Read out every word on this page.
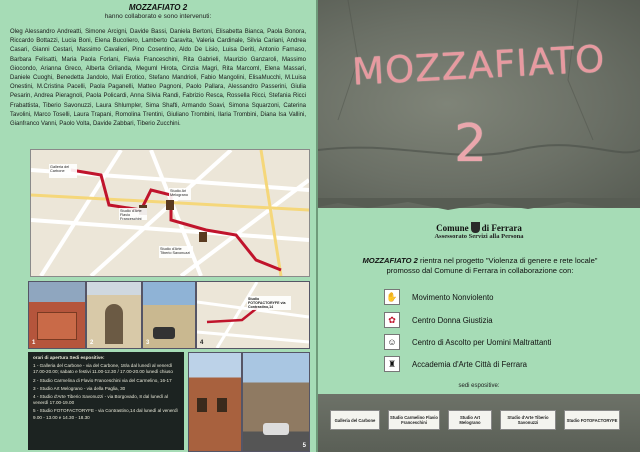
MOZZAFIATO 2
hanno collaborato e sono intervenuti:
Oleg Alessandro Andreatti, Simone Arcigni, Davide Bassi, Daniela Bertoni, Elisabetta Bianca, Paola Bonora, Riccardo Bottazzi, Lucia Boni, Elena Bucoliero, Lamberto Caravita, Valeria Cardinale, Silvia Cariani, Andrea Casari, Gianni Cestari, Massimo Cavalieri, Pino Cosentino, Aldo De Lisio, Luisa Deriti, Antonio Farnaso, Barbara Felisatti, Maria Paola Forlani, Flavia Franceschini, Rita Gabrieli, Maurizio Ganzaroli, Massimo Giocondo, Arianna Greco, Alberta Grilanda, Meguml Hirota, Cinzia Magri, Rita Marcoml, Elena Massari, Daniele Cuoghi, Benedetta Jandolo, Mali Erotico, Stefano Mandrioli, Fabio Mangolini, ElisaMucchi, M.Luisa Onestini, M.Cristina Pacelli, Paola Paganelli, Matteo Pagnoni, Paolo Pallara, Alessandro Passerini, Giulia Pesarin, Andrea Pieragnoli, Paola Policardi, Anna Silvia Randi, Fabrizio Resca, Rossella Ricci, Stefania Ricci Frabattista, Tiberio Savonuzzi, Laura Shlumpler, Sima Shafti, Armando Soavi, Simona Squarzoni, Caterina Tavolini, Marco Toselli, Laura Trapani, Romolina Trentini, Giuliano Trombini, Ilaria Trombini, Diana Isa Vallini, Gianfranco Vanni, Paolo Volta, Davide Zabbari, Tiberio Zucchini.
Galleria del Carbone
Studio Ari Melograno
Studio d'Arte Flavio Franceschini
Studio d'Arte Tiberio Savonuzzi
1	2	3
Studio FOTOFACTORYFE via Contrastino,14
4
orari di apertura Sedi espositive:
1 - Galleria del Carbone - via del Carbone, 18/a dal lunedì al venerdì 17.00-20.00; sabato e festivi 11.00-12.30 / 17.00-20.00 lunedì chiuso
2 - Studio Carmelina di Flavio Franceschini via del Carmelino, 16-17
3 - Studio Art Melograno - via della Paglia, 30
4 - Studio d'Arte Tiberio Savonuzzi - via Borgovado, 8 dal lunedì al venerdì 17.00-19.00
5 - Studio FOTOFACTORYFE - via Contrastino,14 dal lunedì al venerdì 9.00 - 13.00 e 14.30 - 18.30
5
MOZZAFIATO
2
Comune di Ferrara
Assessorato Servizi alla Persona
MOZZAFIATO 2 rientra nel progetto "Violenza di genere e rete locale"
promosso dal Comune di Ferrara in collaborazione con:
✋	Movimento Nonviolento
✿	Centro Donna Giustizia
☺	Centro di Ascolto per Uomini Maltrattanti
♜	Accademia d'Arte Città di Ferrara
sedi espositive:
Galleria del Carbone	Studio Carmelino Flavio Franceschini
Studio Art Melograno
Studio d'Arte Tiberio Savonuzzi	Studio FOTOFACTORYFE
